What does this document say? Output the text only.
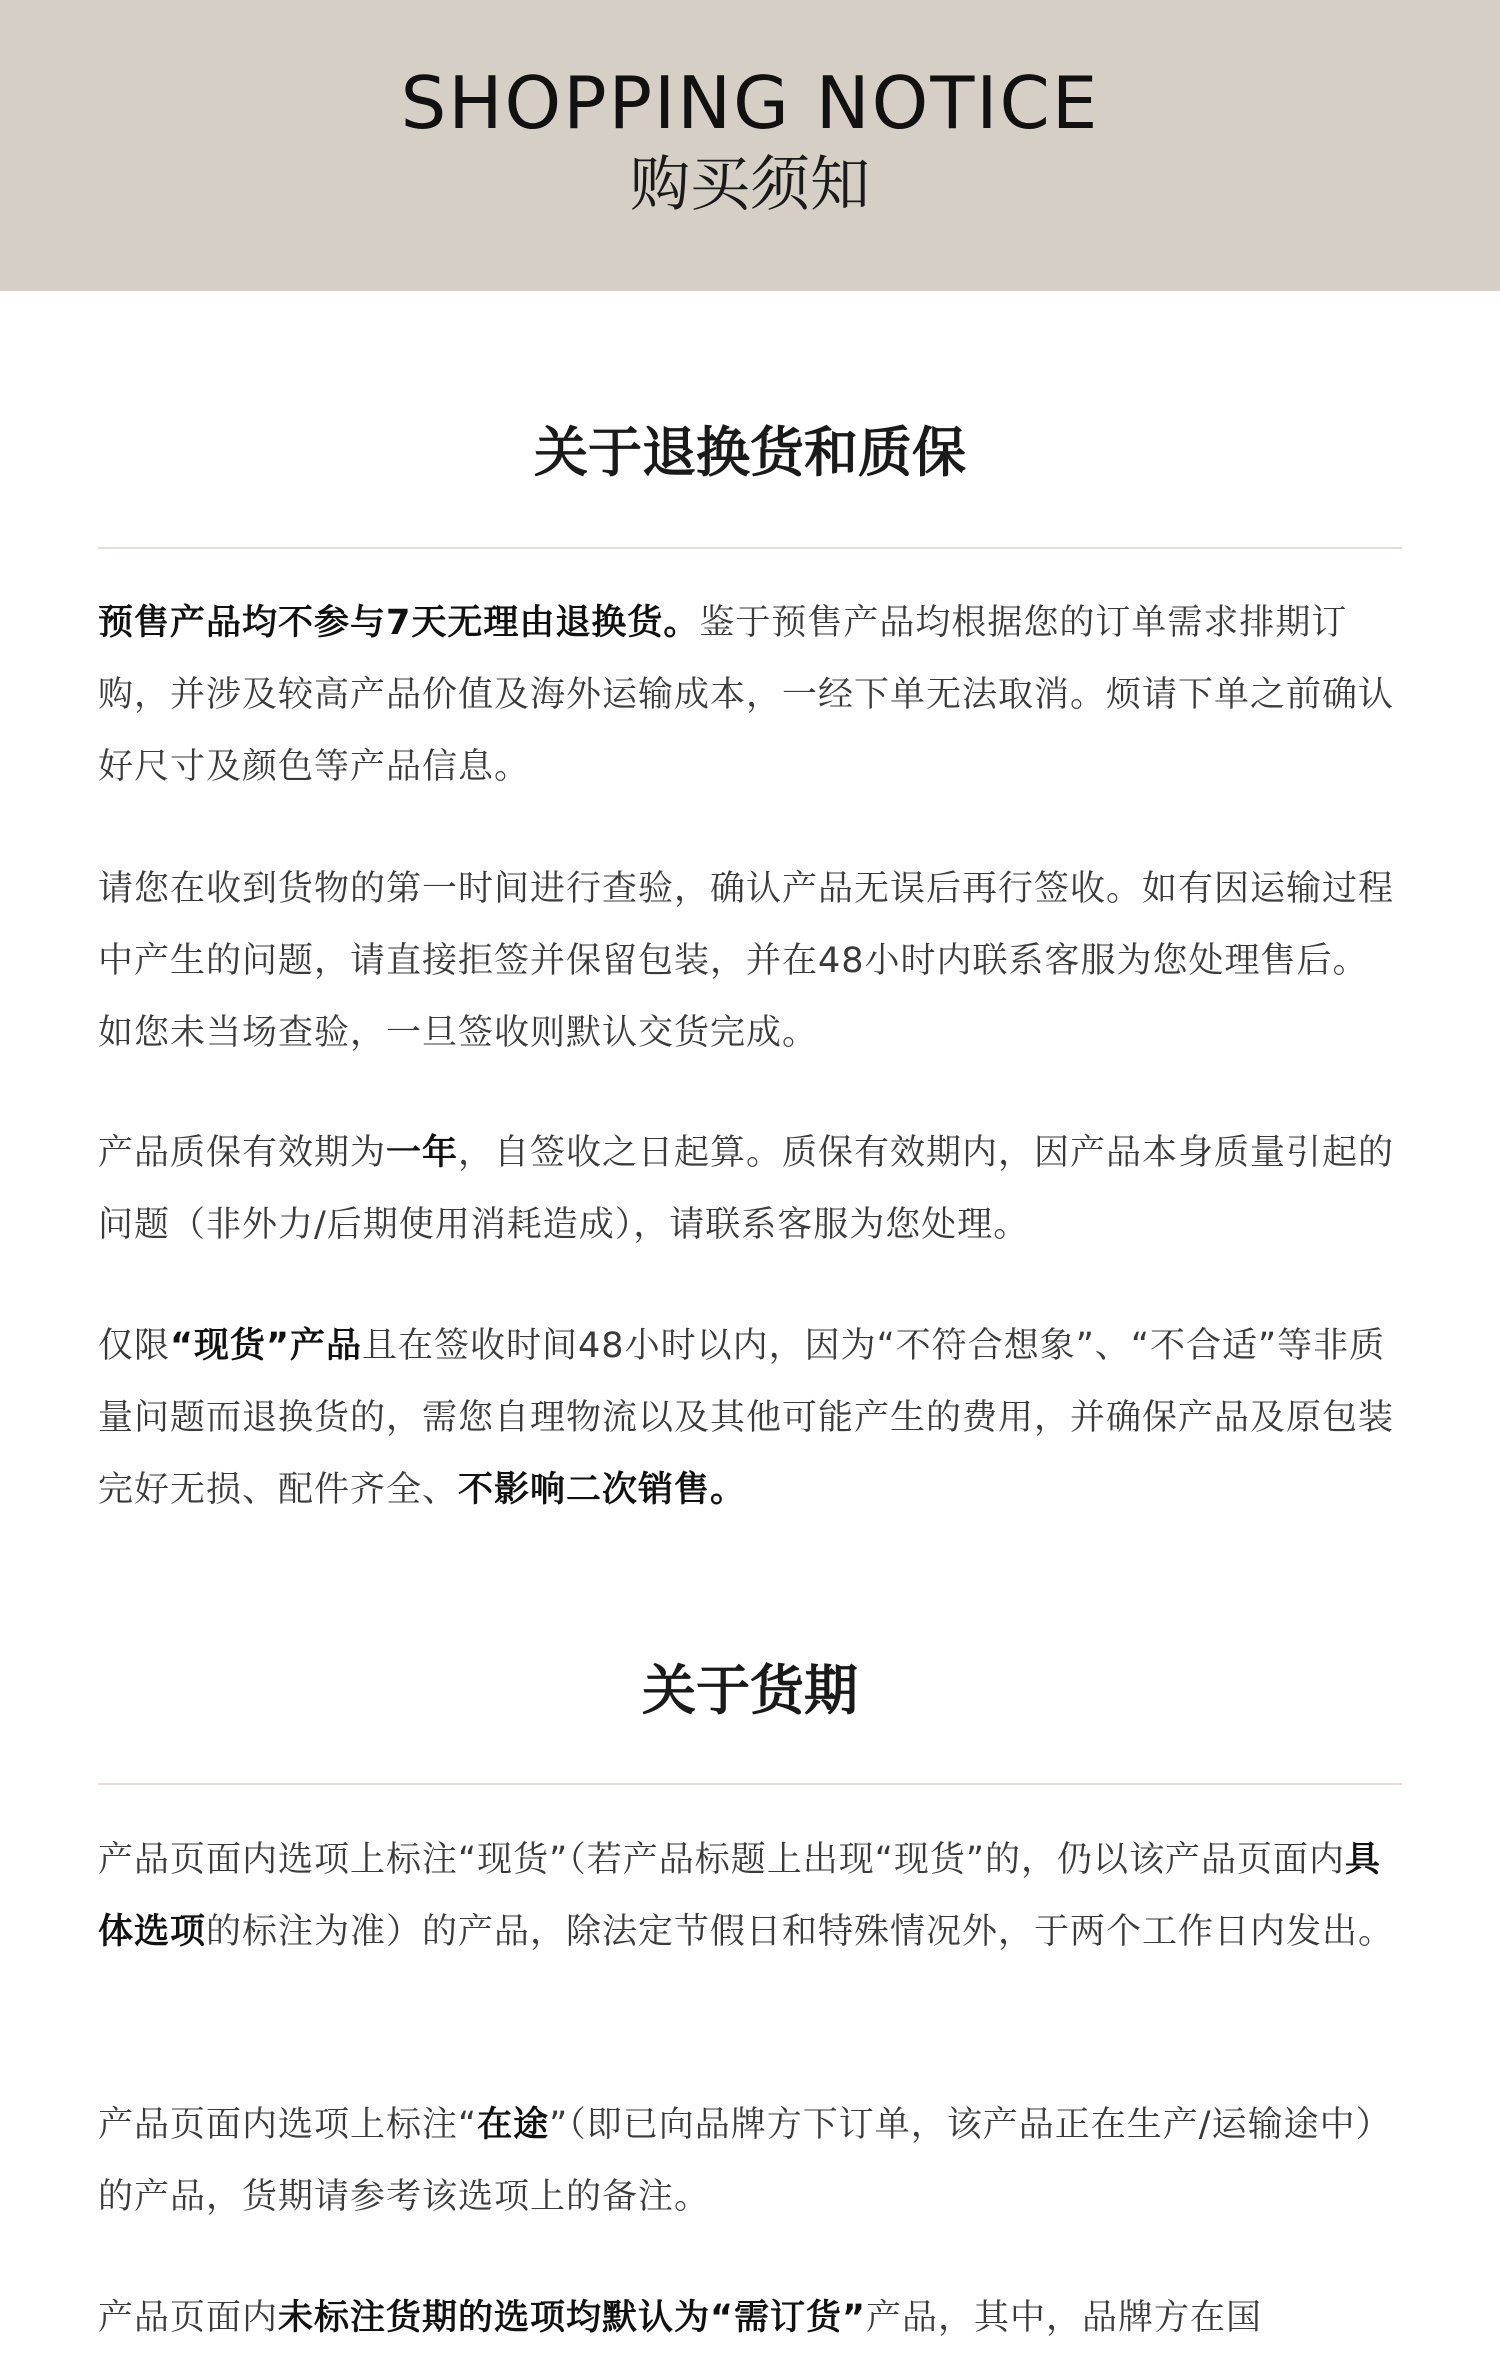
SHOPPING NOTICE
购买须知
关于退换货和质保
预售产品均不参与7天无理由退换货。鉴于预售产品均根据您的订单需求排期订购，并涉及较高产品价值及海外运输成本，一经下单无法取消。烦请下单之前确认好尺寸及颜色等产品信息。
请您在收到货物的第一时间进行查验，确认产品无误后再行签收。如有因运输过程中产生的问题，请直接拒签并保留包装，并在48小时内联系客服为您处理售后。如您未当场查验，一旦签收则默认交货完成。
产品质保有效期为一年，自签收之日起算。质保有效期内，因产品本身质量引起的问题（非外力/后期使用消耗造成），请联系客服为您处理。
仅限“现货”产品且在签收时间48小时以内，因为“不符合想象”、“不合适”等非质量问题而退换货的，需您自理物流以及其他可能产生的费用，并确保产品及原包装完好无损、配件齐全、不影响二次销售。
关于货期
产品页面内选项上标注“现货”（若产品标题上出现“现货”的，仍以该产品页面内具体选项的标注为准）的产品，除法定节假日和特殊情况外，于两个工作日内发出。
产品页面内选项上标注“在途”（即已向品牌方下订单，该产品正在生产/运输途中）的产品，货期请参考该选项上的备注。
产品页面内未标注货期的选项均默认为“需订货”产品，其中，品牌方在国
